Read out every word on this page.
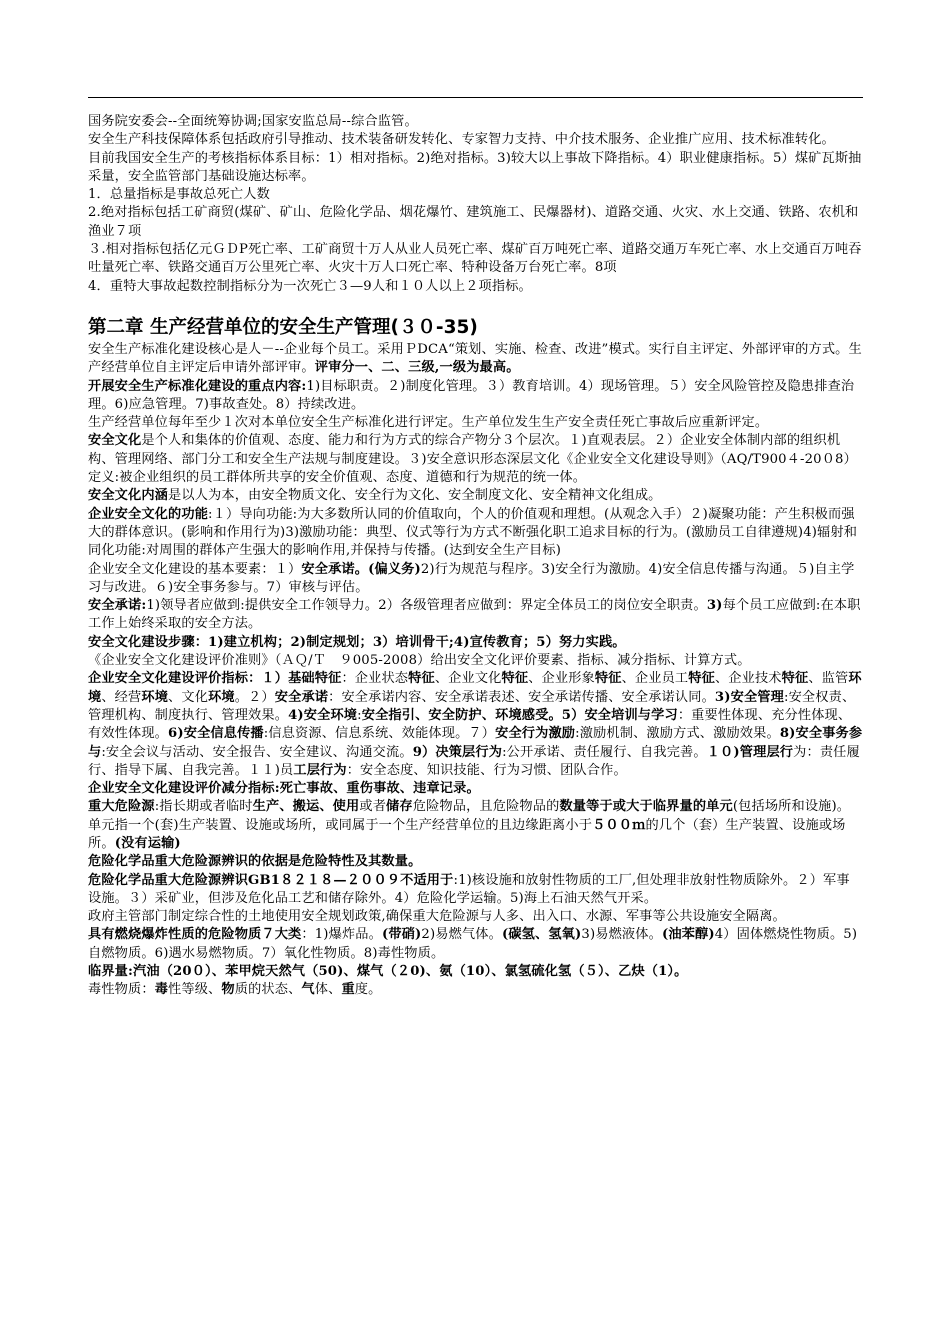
国务院安委会--全面统筹协调;国家安监总局--综合监管。

安全生产科技保障体系包括政府引导推动、技术装备研发转化、专家智力支持、中介技术服务、企业推广应用、技术标准转化。

目前我国安全生产的考核指标体系目标：1）相对指标。2)绝对指标。3)较大以上事故下降指标。4）职业健康指标。5）煤矿瓦斯抽采量，安全监管部门基础设施达标率。

1．总量指标是事故总死亡人数

2.绝对指标包括工矿商贸(煤矿、矿山、危险化学品、烟花爆竹、建筑施工、民爆器材)、道路交通、火灾、水上交通、铁路、农机和渔业７项

３.相对指标包括亿元ＧＤP死亡率、工矿商贸十万人从业人员死亡率、煤矿百万吨死亡率、道路交通万车死亡率、水上交通百万吨吞吐量死亡率、铁路交通百万公里死亡率、火灾十万人口死亡率、特种设备万台死亡率。8项

4．重特大事故起数控制指标分为一次死亡３—9人和１０人以上２项指标。

第二章 生产经营单位的安全生产管理(３０-35)

安全生产标准化建设核心是人－--企业每个员工。采用ＰDCA“策划、实施、检查、改进”模式。实行自主评定、外部评审的方式。生产经营单位自主评定后申请外部评审。评审分一、二、三级,一级为最高。

开展安全生产标准化建设的重点内容:1)目标职责。２)制度化管理。３）教育培训。4）现场管理。５）安全风险管控及隐患排查治理。6)应急管理。7)事故查处。8）持续改进。

生产经营单位每年至少１次对本单位安全生产标准化进行评定。生产单位发生生产安全责任死亡事故后应重新评定。

安全文化是个人和集体的价值观、态度、能力和行为方式的综合产物分３个层次。１)直观表层。２）企业安全体制内部的组织机构、管理网络、部门分工和安全生产法规与制度建设。３)安全意识形态深层文化《企业安全文化建设导则》（AQ/T900４-20０8）定义:被企业组织的员工群体所共享的安全价值观、态度、道德和行为规范的统一体。

安全文化内涵是以人为本，由安全物质文化、安全行为文化、安全制度文化、安全精神文化组成。

企业安全文化的功能:１）导向功能:为大多数所认同的价值取向，个人的价值观和理想。(从观念入手）２)凝聚功能：产生积极而强大的群体意识。(影响和作用行为)3)激励功能：典型、仪式等行为方式不断强化职工追求目标的行为。(激励员工自律遵规)4)辐射和同化功能:对周围的群体产生强大的影响作用,并保持与传播。(达到安全生产目标)

企业安全文化建设的基本要素：１）安全承诺。(偏义务)2)行为规范与程序。3)安全行为激励。4)安全信息传播与沟通。５)自主学习与改进。６)安全事务参与。7）审核与评估。

安全承诺:1)领导者应做到:提供安全工作领导力。2）各级管理者应做到：界定全体员工的岗位安全职责。3)每个员工应做到:在本职工作上始终采取的安全方法。

安全文化建设步骤：1)建立机构；2)制定规划；3）培训骨干;4)宣传教育；5）努力实践。

《企业安全文化建设评价准则》（ＡＱ/Ｔ　９005-2008）给出安全文化评价要素、指标、减分指标、计算方式。

企业安全文化建设评价指标：１）基础特征：企业状态特征、企业文化特征、企业形象特征、企业员工特征、企业技术特征、监管环境、经营环境、文化环境。２）安全承诺：安全承诺内容、安全承诺表述、安全承诺传播、安全承诺认同。3)安全管理:安全权责、管理机构、制度执行、管理效果。4)安全环境:安全指引、安全防护、环境感受。5）安全培训与学习：重要性体现、充分性体现、有效性体现。6)安全信息传播:信息资源、信息系统、效能体现。７）安全行为激励:激励机制、激励方式、激励效果。8)安全事务参与:安全会议与活动、安全报告、安全建议、沟通交流。9）决策层行为:公开承诺、责任履行、自我完善。１０)管理层行为：责任履行、指导下属、自我完善。１１)员工层行为：安全态度、知识技能、行为习惯、团队合作。

企业安全文化建设评价减分指标:死亡事故、重伤事故、违章记录。

重大危险源:指长期或者临时生产、搬运、使用或者储存危险物品，且危险物品的数量等于或大于临界量的单元(包括场所和设施)。单元指一个(套)生产装置、设施或场所，或同属于一个生产经营单位的且边缘距离小于５００ｍ的几个（套）生产装置、设施或场所。(没有运输)

危险化学品重大危险源辨识的依据是危险特性及其数量。

危险化学品重大危险源辨识GB1８２１８—２００９不适用于:1)核设施和放射性物质的工厂,但处理非放射性物质除外。２）军事设施。３）采矿业，但涉及危化品工艺和储存除外。4）危险化学运输。5)海上石油天然气开采。

政府主管部门制定综合性的土地使用安全规划政策,确保重大危险源与人多、出入口、水源、军事等公共设施安全隔离。

具有燃烧爆炸性质的危险物质７大类：1)爆炸品。(带硝)2)易燃气体。(碳氢、氢氧)3)易燃液体。(油苯醇)4）固体燃烧性物质。5)自燃物质。6)遇水易燃物质。7）氧化性物质。8)毒性物质。

临界量:汽油（20０）、苯甲烷天然气（50)、煤气（２0)、氨（10）、氯氢硫化氢（５）、乙炔（1）。

毒性物质：毒性等级、物质的状态、气体、重度。
